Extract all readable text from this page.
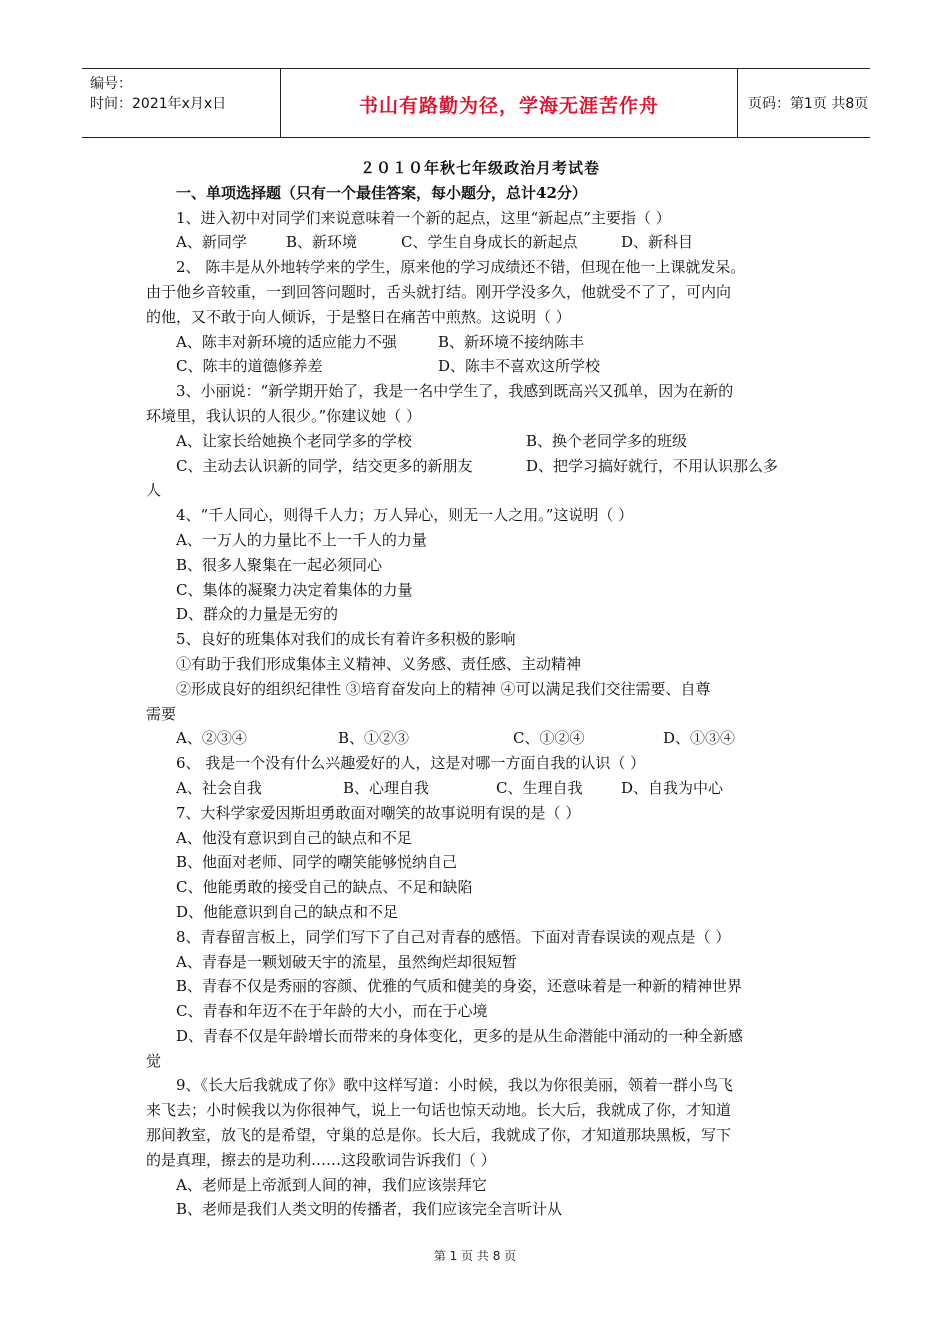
编号：
时间：2021年x月x日	书山有路勤为径，学海无涯苦作舟	页码：第1页 共8页
２０１０年秋七年级政治月考试卷
一、单项选择题（只有一个最佳答案，每小题分，总计42分）
1、进入初中对同学们来说意味着一个新的起点，这里“新起点”主要指（ ）
A、新同学	B、新环境	C、学生自身成长的新起点	D、新科目
2、 陈丰是从外地转学来的学生，原来他的学习成绩还不错，但现在他一上课就发呆。
由于他乡音较重，一到回答问题时，舌头就打结。刚开学没多久，他就受不了了，可内向
的他，又不敢于向人倾诉，于是整日在痛苦中煎熬。这说明（ ）
A、陈丰对新环境的适应能力不强	B、新环境不接纳陈丰
C、陈丰的道德修养差	D、陈丰不喜欢这所学校
3、小丽说：“新学期开始了，我是一名中学生了，我感到既高兴又孤单，因为在新的
环境里，我认识的人很少。”你建议她（ ）
A、让家长给她换个老同学多的学校	B、换个老同学多的班级
C、主动去认识新的同学，结交更多的新朋友	D、把学习搞好就行，不用认识那么多
人
4、“千人同心，则得千人力；万人异心，则无一人之用。”这说明（ ）
A、一万人的力量比不上一千人的力量
B、很多人聚集在一起必须同心
C、集体的凝聚力决定着集体的力量
D、群众的力量是无穷的
5、良好的班集体对我们的成长有着许多积极的影响
①有助于我们形成集体主义精神、义务感、责任感、主动精神
②形成良好的组织纪律性 ③培育奋发向上的精神 ④可以满足我们交往需要、自尊
需要
A、②③④	B、①②③	C、①②④	D、①③④
6、 我是一个没有什么兴趣爱好的人，这是对哪一方面自我的认识（ ）
A、社会自我	B、心理自我	C、生理自我	D、自我为中心
7、大科学家爱因斯坦勇敢面对嘲笑的故事说明有误的是（ ）
A、他没有意识到自己的缺点和不足
B、他面对老师、同学的嘲笑能够悦纳自己
C、他能勇敢的接受自己的缺点、不足和缺陷
D、他能意识到自己的缺点和不足
8、青春留言板上，同学们写下了自己对青春的感悟。下面对青春误读的观点是（ ）
A、青春是一颗划破天宇的流星，虽然绚烂却很短暂
B、青春不仅是秀丽的容颜、优雅的气质和健美的身姿，还意味着是一种新的精神世界
C、青春和年迈不在于年龄的大小，而在于心境
D、青春不仅是年龄增长而带来的身体变化，更多的是从生命潜能中涌动的一种全新感
觉
9、《长大后我就成了你》歌中这样写道：小时候，我以为你很美丽，领着一群小鸟飞
来飞去；小时候我以为你很神气，说上一句话也惊天动地。长大后，我就成了你，才知道
那间教室，放飞的是希望，守巢的总是你。长大后，我就成了你，才知道那块黑板，写下
的是真理，擦去的是功利……这段歌词告诉我们（ ）
A、老师是上帝派到人间的神，我们应该崇拜它
B、老师是我们人类文明的传播者，我们应该完全言听计从
第 1 页 共 8 页
